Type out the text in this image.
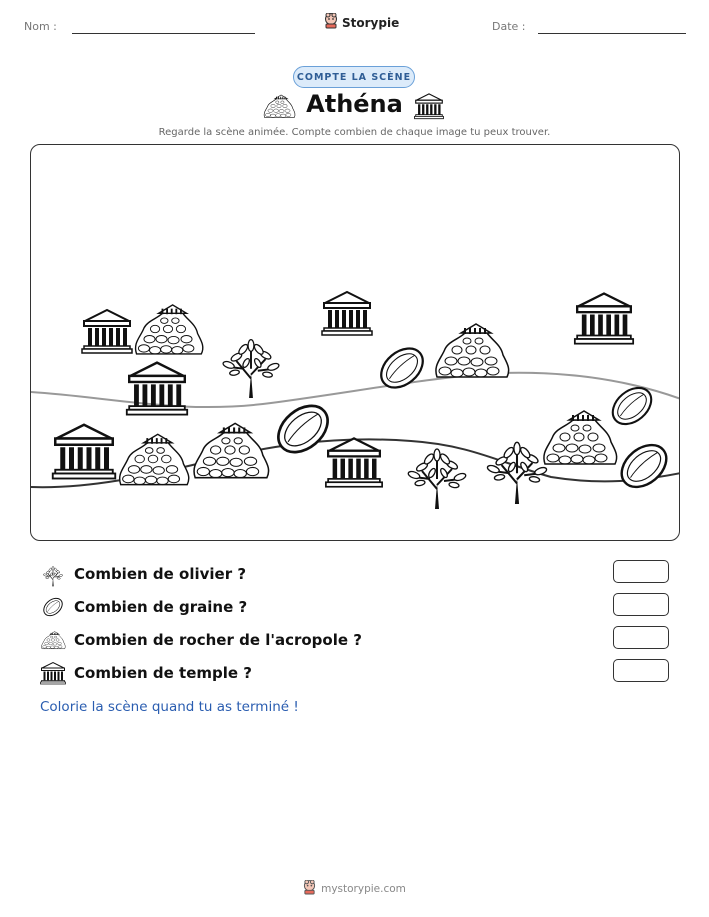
Nom :	Storypie	Date :
COMPTE LA SCÈNE
Athéna
Regarde la scène animée. Compte combien de chaque image tu peux trouver.
Combien de olivier ?
Combien de graine ?
Combien de rocher de l'acropole ?
Combien de temple ?
Colorie la scène quand tu as terminé !
mystorypie.com
